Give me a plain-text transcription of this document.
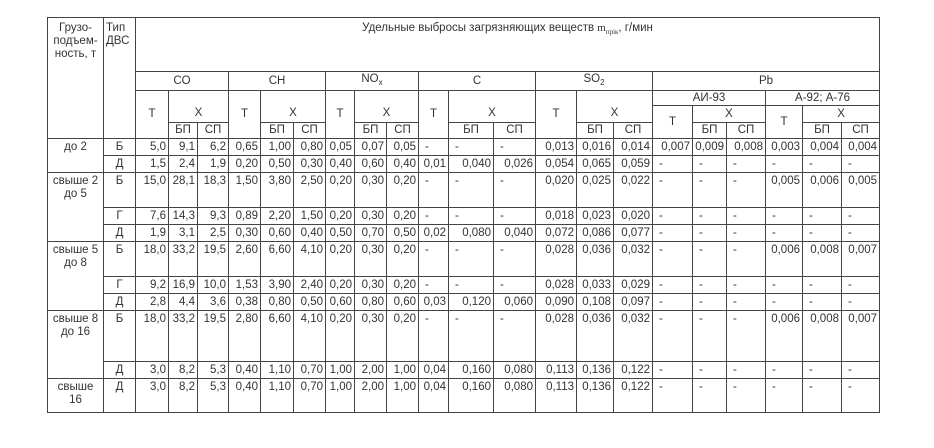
Грузо-подъем-ность, т	Тип ДВС	Удельные выбросы загрязняющих веществ $m_{прік}$, г/мин																				
		CO			CH			$NO_x$			C			$SO_2$			Pb					
		Т	Х		Т	Х		Т	Х		Т	Х		Т	Х		АИ-93			А-92; А-76		
																	Т	Х		Т	Х	
			БП	СП		БП	СП		БП	СП		БП	СП		БП	СП		БП	СП		БП	СП
до 2	Б	5,0	9,1	6,2	0,65	1,00	0,80	0,05	0,07	0,05	-	-	-	0,013	0,016	0,014	0,007	0,009	0,008	0,003	0,004	0,004
	Д	1,5	2,4	1,9	0,20	0,50	0,30	0,40	0,60	0,40	0,01	0,040	0,026	0,054	0,065	0,059	-	-	-	-	-	-
свыше 2 до 5	Б	15,0	28,1	18,3	1,50	3,80	2,50	0,20	0,30	0,20	-	-	-	0,020	0,025	0,022	-	-	-	0,005	0,006	0,005
	Г	7,6	14,3	9,3	0,89	2,20	1,50	0,20	0,30	0,20	-	-	-	0,018	0,023	0,020	-	-	-	-	-	-
	Д	1,9	3,1	2,5	0,30	0,60	0,40	0,50	0,70	0,50	0,02	0,080	0,040	0,072	0,086	0,077	-	-	-	-	-	-
свыше 5 до 8	Б	18,0	33,2	19,5	2,60	6,60	4,10	0,20	0,30	0,20	-	-	-	0,028	0,036	0,032	-	-	-	0,006	0,008	0,007
	Г	9,2	16,9	10,0	1,53	3,90	2,40	0,20	0,30	0,20	-	-	-	0,028	0,033	0,029	-	-	-	-	-	-
	Д	2,8	4,4	3,6	0,38	0,80	0,50	0,60	0,80	0,60	0,03	0,120	0,060	0,090	0,108	0,097	-	-	-	-	-	-
свыше 8 до 16	Б	18,0	33,2	19,5	2,80	6,60	4,10	0,20	0,30	0,20	-	-	-	0,028	0,036	0,032	-	-	-	0,006	0,008	0,007
	Д	3,0	8,2	5,3	0,40	1,10	0,70	1,00	2,00	1,00	0,04	0,160	0,080	0,113	0,136	0,122	-	-	-	-	-	-
свыше 16	Д	3,0	8,2	5,3	0,40	1,10	0,70	1,00	2,00	1,00	0,04	0,160	0,080	0,113	0,136	0,122	-	-	-	-	-	-
